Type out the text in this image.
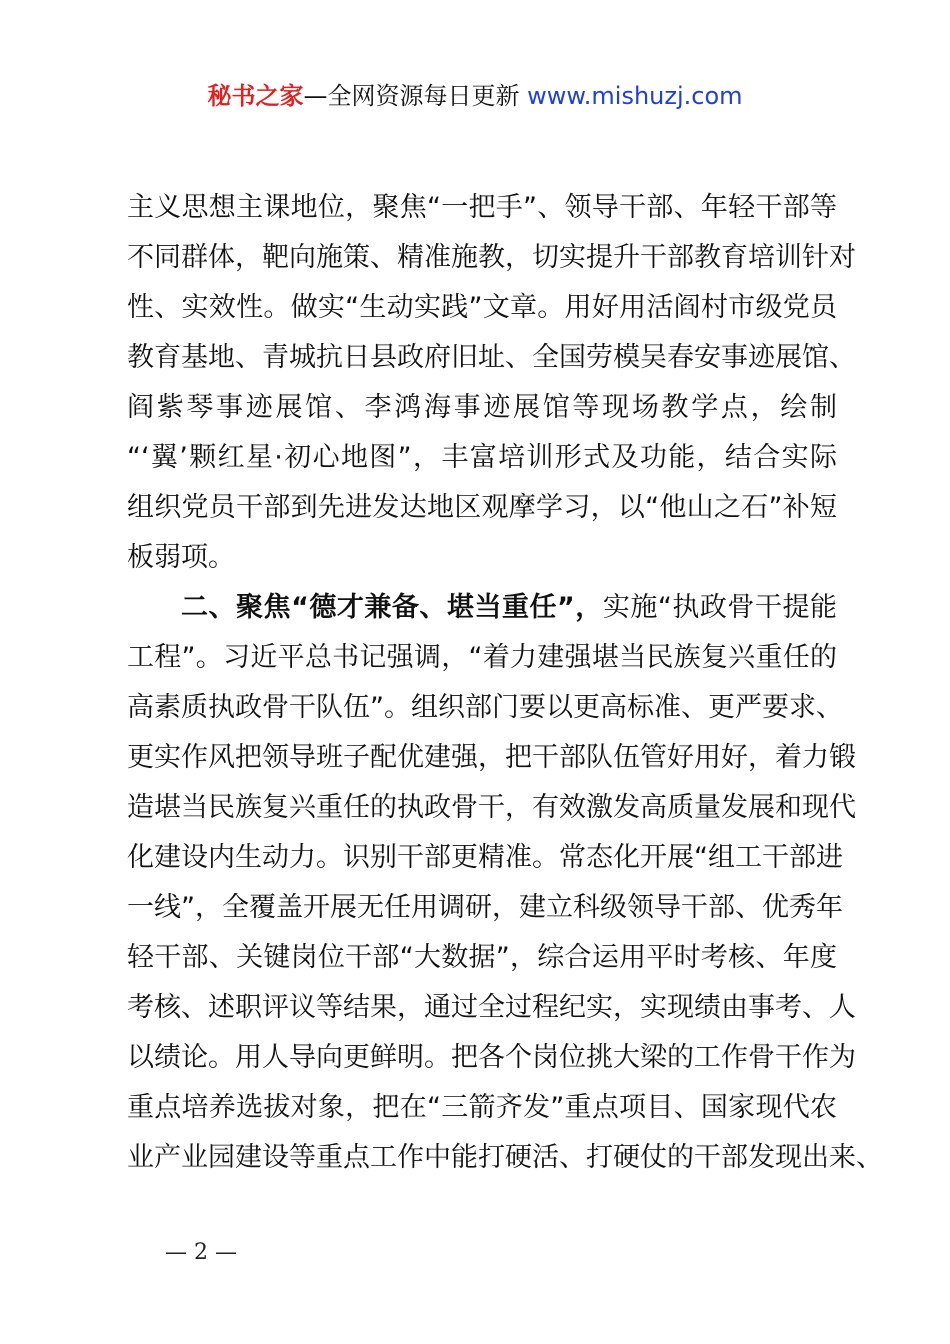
秘书之家—全网资源每日更新 www.mishuzj.com
主义思想主课地位，聚焦“一把手”、领导干部、年轻干部等
不同群体，靶向施策、精准施教，切实提升干部教育培训针对
性、实效性。做实“生动实践”文章。用好用活阎村市级党员
教育基地、青城抗日县政府旧址、全国劳模吴春安事迹展馆、
阎紫琴事迹展馆、李鸿海事迹展馆等现场教学点，绘制
“‘翼’颗红星·初心地图”，丰富培训形式及功能，结合实际
组织党员干部到先进发达地区观摩学习，以“他山之石”补短
板弱项。
二、聚焦“德才兼备、堪当重任”，实施“执政骨干提能
工程”。习近平总书记强调，“着力建强堪当民族复兴重任的
高素质执政骨干队伍”。组织部门要以更高标准、更严要求、
更实作风把领导班子配优建强，把干部队伍管好用好，着力锻
造堪当民族复兴重任的执政骨干，有效激发高质量发展和现代
化建设内生动力。识别干部更精准。常态化开展“组工干部进
一线”，全覆盖开展无任用调研，建立科级领导干部、优秀年
轻干部、关键岗位干部“大数据”，综合运用平时考核、年度
考核、述职评议等结果，通过全过程纪实，实现绩由事考、人
以绩论。用人导向更鲜明。把各个岗位挑大梁的工作骨干作为
重点培养选拔对象，把在“三箭齐发”重点项目、国家现代农
业产业园建设等重点工作中能打硬活、打硬仗的干部发现出来、
— 2 —
